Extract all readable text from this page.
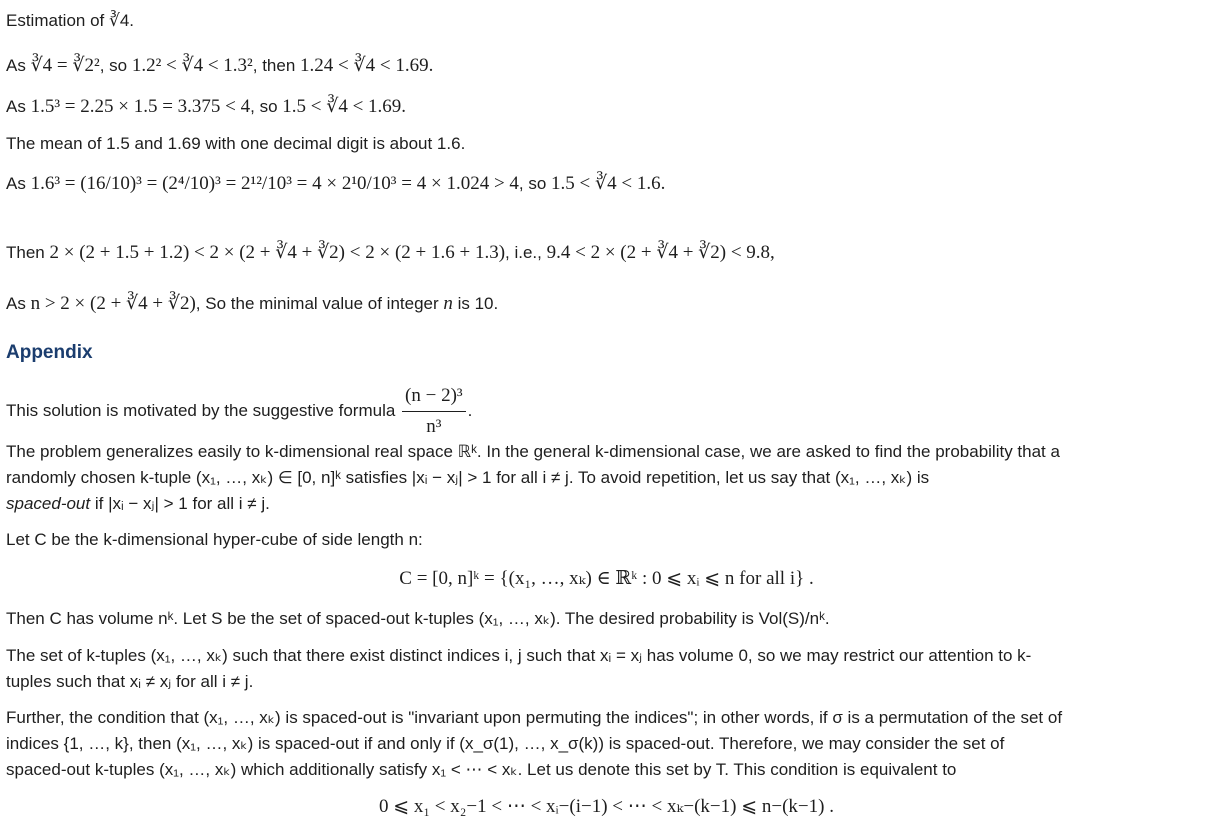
Estimation of ∛4.
As ∛4 = ∛2², so 1.2² < ∛4 < 1.3², then 1.24 < ∛4 < 1.69.
As 1.5³ = 2.25 × 1.5 = 3.375 < 4, so 1.5 < ∛4 < 1.69.
The mean of 1.5 and 1.69 with one decimal digit is about 1.6.
As 1.6³ = (16/10)³ = (2⁴/10)³ = 2¹²/10³ = 4 × 2¹0/10³ = 4 × 1.024 > 4, so 1.5 < ∛4 < 1.6.
Then 2 × (2 + 1.5 + 1.2) < 2 × (2 + ∛4 + ∛2) < 2 × (2 + 1.6 + 1.3), i.e., 9.4 < 2 × (2 + ∛4 + ∛2) < 9.8,
As n > 2 × (2 + ∛4 + ∛2), So the minimal value of integer n is 10.
Appendix
This solution is motivated by the suggestive formula $\frac{\text{(n − 2)³}}{\text{n³}}$ .
The problem generalizes easily to k-dimensional real space ℝᵏ. In the general k-dimensional case, we are asked to find the probability that a
randomly chosen k-tuple (x₁, …, xₖ) ∈ [0, n]ᵏ satisfies |xᵢ − xⱼ| > 1 for all i ≠ j. To avoid repetition, let us say that (x₁, …, xₖ) is
spaced-out if |xᵢ − xⱼ| > 1 for all i ≠ j.
Let C be the k-dimensional hyper-cube of side length n:
C = [0, n]ᵏ = {(x₁, …, xₖ) ∈ ℝᵏ : 0 ⩽ xᵢ ⩽ n for all i} .
Then C has volume nᵏ. Let S be the set of spaced-out k-tuples (x₁, …, xₖ). The desired probability is Vol(S)/nᵏ.
The set of k-tuples (x₁, …, xₖ) such that there exist distinct indices i, j such that xᵢ = xⱼ has volume 0, so we may restrict our attention to k-
tuples such that xᵢ ≠ xⱼ for all i ≠ j.
Further, the condition that (x₁, …, xₖ) is spaced-out is "invariant upon permuting the indices"; in other words, if σ is a permutation of the set of
indices {1, …, k}, then (x₁, …, xₖ) is spaced-out if and only if (x_σ(1), …, x_σ(k)) is spaced-out. Therefore, we may consider the set of
spaced-out k-tuples (x₁, …, xₖ) which additionally satisfy x₁ < ⋯ < xₖ. Let us denote this set by T. This condition is equivalent to
0 ⩽ x₁ < x₂−1 < ⋯ < xᵢ−(i−1) < ⋯ < xₖ−(k−1) ⩽ n−(k−1) .
